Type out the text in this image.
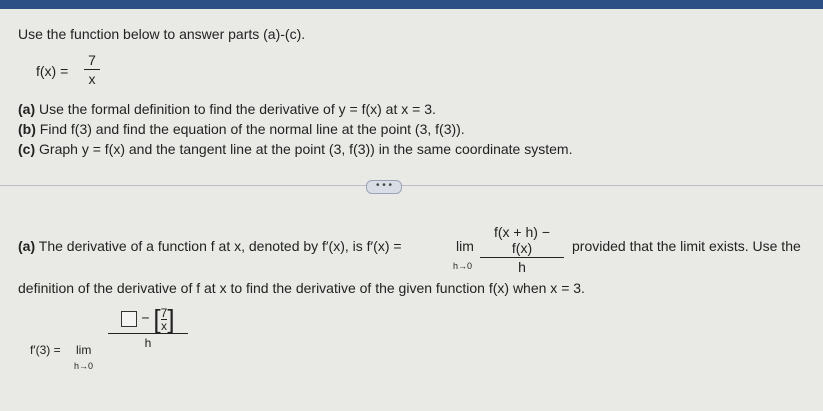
Use the function below to answer parts (a)-(c).
f(x) =
7
x
(a) Use the formal definition to find the derivative of y = f(x) at x = 3.
(b) Find f(3) and find the equation of the normal line at the point (3, f(3)).
(c) Graph y = f(x) and the tangent line at the point (3, f(3)) in the same coordinate system.
• • •
(a) The derivative of a function f at x, denoted by f′(x), is f′(x) =	lim
h→0
f(x + h) − f(x)
h
provided that the limit exists. Use the
definition of the derivative of f at x to find the derivative of the given function f(x) when x = 3.
f′(3) = lim
h→0
− $[\frac{7}{x}]$
h
